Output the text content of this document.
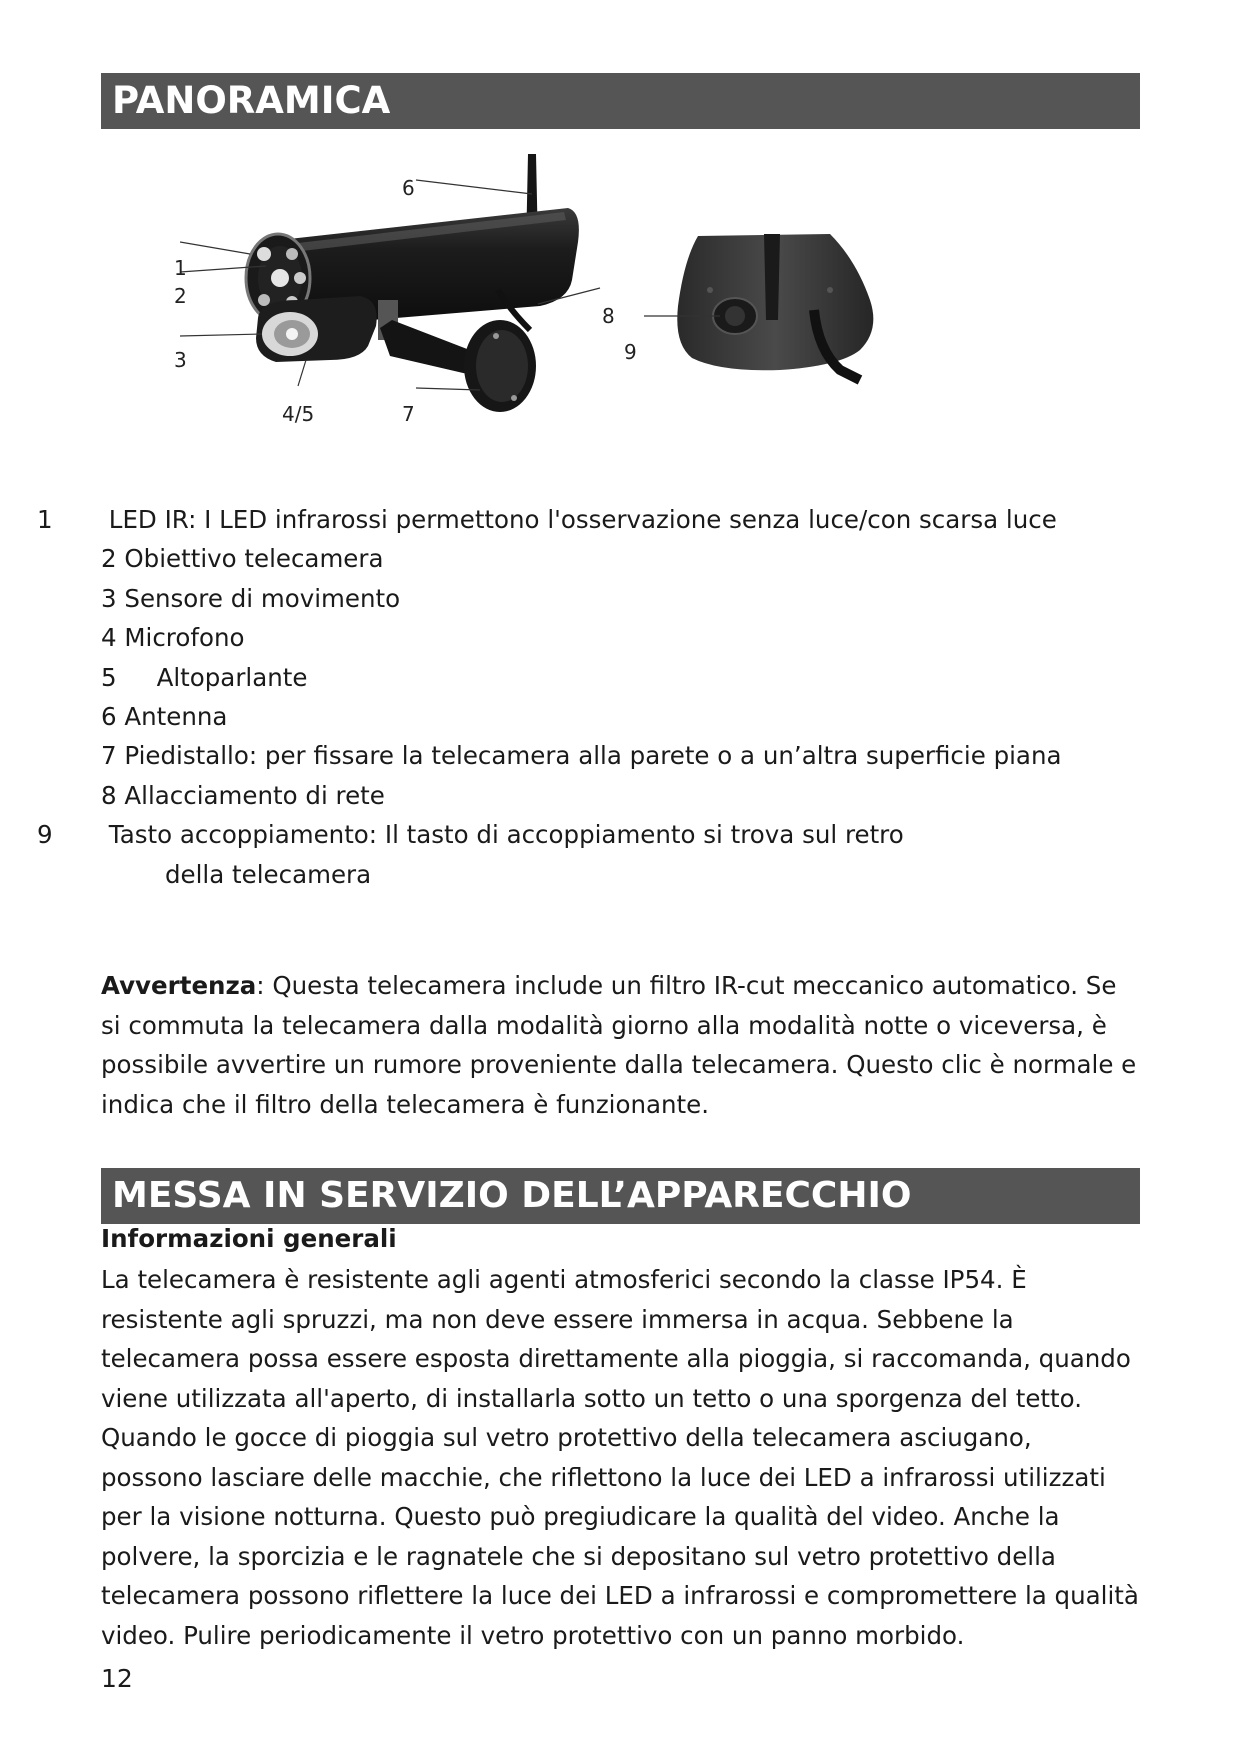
PANORAMICA
1
2
3
4/5
6
7
8
9
1 LED IR: I LED infrarossi permettono l'osservazione senza luce/con scarsa luce
2 Obiettivo telecamera
3 Sensore di movimento
4 Microfono
5 Altoparlante
6 Antenna
7 Piedistallo: per fissare la telecamera alla parete o a un’altra superficie piana
8 Allacciamento di rete
9 Tasto accoppiamento: Il tasto di accoppiamento si trova sul retro della telecamera
Avvertenza: Questa telecamera include un filtro IR-cut meccanico automatico. Se si commuta la telecamera dalla modalità giorno alla modalità notte o viceversa, è possibile avvertire un rumore proveniente dalla telecamera. Questo clic è normale e indica che il filtro della telecamera è funzionante.
MESSA IN SERVIZIO DELL’APPARECCHIO
Informazioni generali
La telecamera è resistente agli agenti atmosferici secondo la classe IP54. È resistente agli spruzzi, ma non deve essere immersa in acqua. Sebbene la telecamera possa essere esposta direttamente alla pioggia, si raccomanda, quando viene utilizzata all'aperto, di installarla sotto un tetto o una sporgenza del tetto. Quando le gocce di pioggia sul vetro protettivo della telecamera asciugano, possono lasciare delle macchie, che riflettono la luce dei LED a infrarossi utilizzati per la visione notturna. Questo può pregiudicare la qualità del video. Anche la polvere, la sporcizia e le ragnatele che si depositano sul vetro protettivo della telecamera possono riflettere la luce dei LED a infrarossi e compromettere la qualità video. Pulire periodicamente il vetro protettivo con un panno morbido.
12
